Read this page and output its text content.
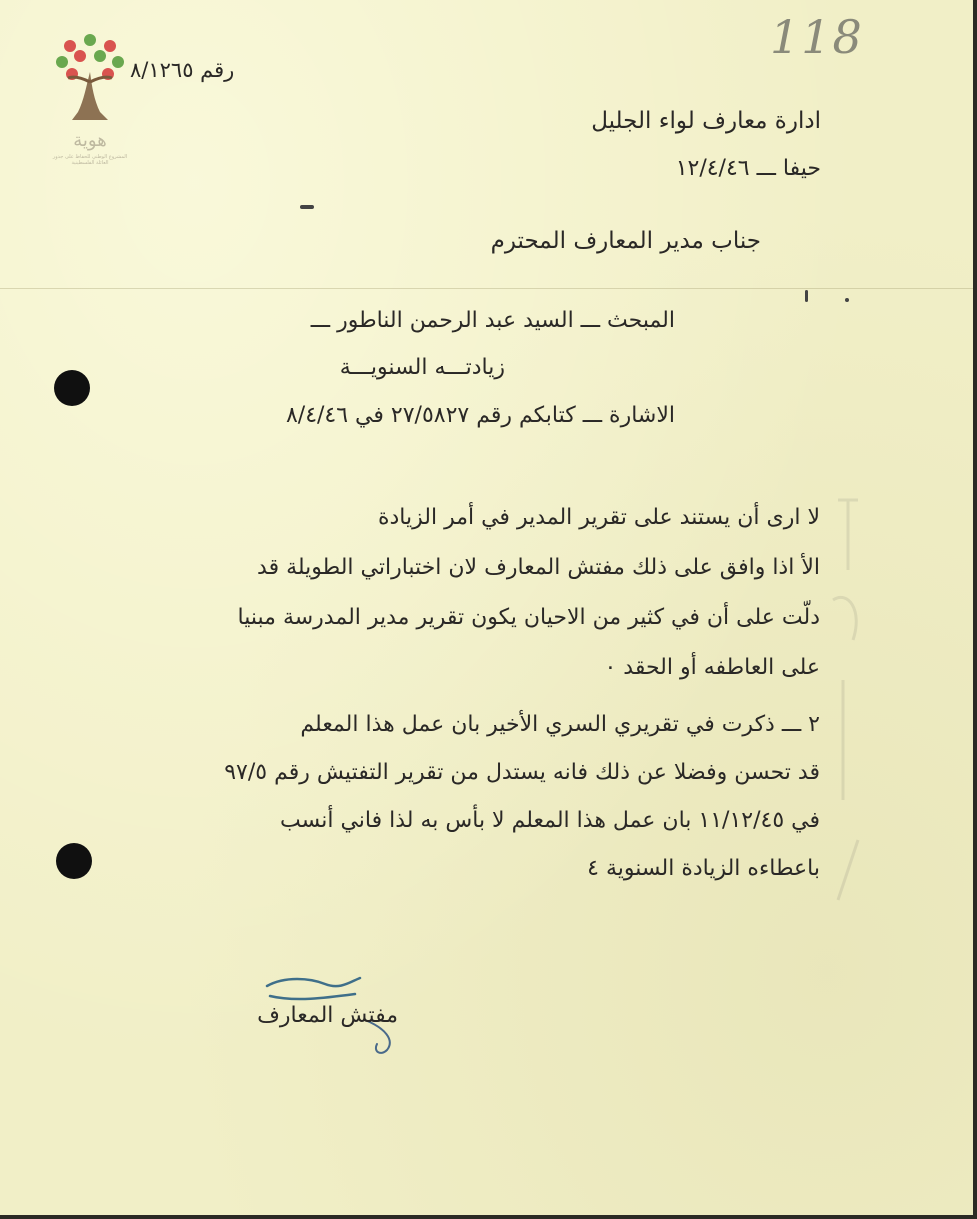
118
هوية
المشروع الوطني للحفاظ على جذور العائلة الفلسطينية
رقم ٨/١٢٦٥
ادارة معارف لواء الجليل
حيفا ـــ ١٢/٤/٤٦
جناب مدير المعارف المحترم
المبحث ـــ السيد عبد الرحمن الناطور ـــ
زيادتـــه السنويـــة
الاشارة ـــ كتابكم رقم ٢٧/٥٨٢٧ في ٨/٤/٤٦
لا ارى أن يستند على تقرير المدير في أمر الزيادة
الأ اذا وافق على ذلك مفتش المعارف لان اختباراتي الطويلة قد
دلّت على أن في كثير من الاحيان يكون تقرير مدير المدرسة مبنيا
على العاطفه أو الحقد ٠
٢ ـــ ذكرت في تقريري السري الأخير بان عمل هذا المعلم
قد تحسن وفضلا عن ذلك فانه يستدل من تقرير التفتيش رقم ٩٧/٥
في ١١/١٢/٤٥ بان عمل هذا المعلم لا بأس به لذا فاني أنسب
باعطاءه الزيادة السنوية ٤
مفتش المعارف
